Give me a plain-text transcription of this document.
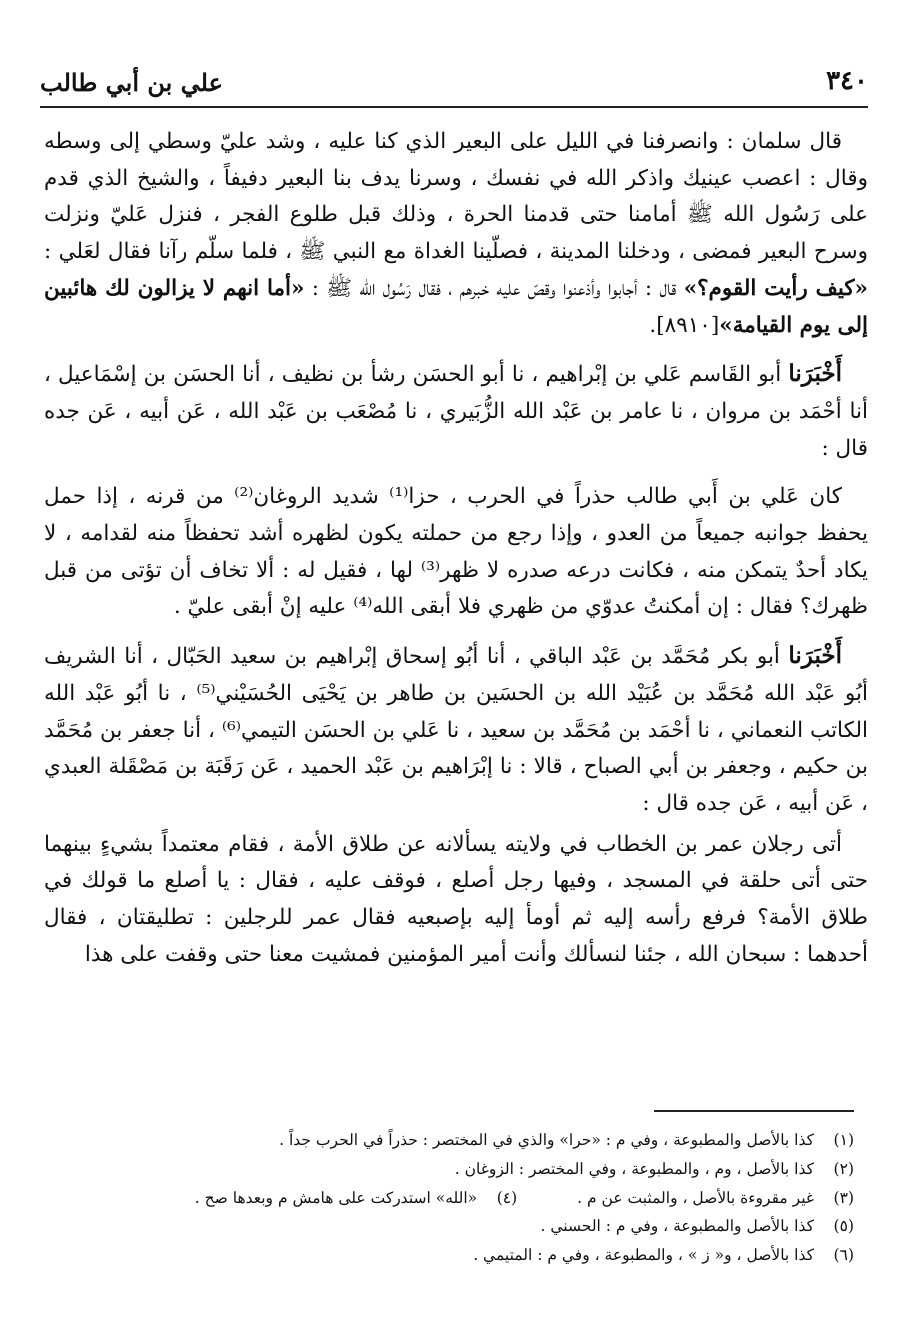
٣٤٠
علي بن أبي طالب

قال سلمان : وانصرفنا في الليل على البعير الذي كنا عليه ، وشد عليّ وسطي إلى وسطه وقال : اعصب عينيك واذكر الله في نفسك ، وسرنا يدف بنا البعير دفيفاً ، والشيخ الذي قدم على رَسُول الله ﷺ أمامنا حتى قدمنا الحرة ، وذلك قبل طلوع الفجر ، فنزل عَليّ ونزلت وسرح البعير فمضى ، ودخلنا المدينة ، فصلّينا الغداة مع النبي ﷺ ، فلما سلّم رآنا فقال لعَلي : «كيف رأيت القوم؟» قال : أجابوا وأذعنوا وقصّ عليه خبرهم ، فقال رَسُول الله ﷺ : «أما انهم لا يزالون لك هائبين إلى يوم القيامة»[٨٩١٠].

أَخْبَرَنا أبو القَاسم عَلي بن إبْراهيم ، نا أبو الحسَن رشأ بن نظيف ، أنا الحسَن بن إسْمَاعيل ، أنا أحْمَد بن مروان ، نا عامر بن عَبْد الله الزُّبَيري ، نا مُصْعَب بن عَبْد الله ، عَن أبيه ، عَن جده قال :

كان عَلي بن أَبي طالب حذراً في الحرب ، حزا⁽¹⁾ شديد الروغان⁽²⁾ من قرنه ، إذا حمل يحفظ جوانبه جميعاً من العدو ، وإذا رجع من حملته يكون لظهره أشد تحفظاً منه لقدامه ، لا يكاد أحدٌ يتمكن منه ، فكانت درعه صدره لا ظهر⁽³⁾ لها ، فقيل له : ألا تخاف أن تؤتى من قبل ظهرك؟ فقال : إن أمكنتُ عدوّي من ظهري فلا أبقى الله⁽⁴⁾ عليه إنْ أبقى عليّ .

أَخْبَرَنا أبو بكر مُحَمَّد بن عَبْد الباقي ، أنا أبُو إسحاق إبْراهيم بن سعيد الحَبّال ، أنا الشريف أبُو عَبْد الله مُحَمَّد بن عُبَيْد الله بن الحسَين بن طاهر بن يَحْيَى الحُسَيْني⁽⁵⁾ ، نا أبُو عَبْد الله الكاتب النعماني ، نا أحْمَد بن مُحَمَّد بن سعيد ، نا عَلي بن الحسَن التيمي⁽⁶⁾ ، أنا جعفر بن مُحَمَّد بن حكيم ، وجعفر بن أبي الصباح ، قالا : نا إبْرَاهيم بن عَبْد الحميد ، عَن رَقَبَة بن مَصْقَلة العبدي ، عَن أبيه ، عَن جده قال :

أتى رجلان عمر بن الخطاب في ولايته يسألانه عن طلاق الأمة ، فقام معتمداً بشيءٍ بينهما حتى أتى حلقة في المسجد ، وفيها رجل أصلع ، فوقف عليه ، فقال : يا أصلع ما قولك في طلاق الأمة؟ فرفع رأسه إليه ثم أومأ إليه بإصبعيه فقال عمر للرجلين : تطليقتان ، فقال أحدهما : سبحان الله ، جئنا لنسألك وأنت أمير المؤمنين فمشيت معنا حتى وقفت على هذا

(١)كذا بالأصل والمطبوعة ، وفي م : «حرا» والذي في المختصر : حذراً في الحرب جداً .
(٢)كذا بالأصل ، وم ، والمطبوعة ، وفي المختصر : الزوغان .
(٣)غير مقروءة بالأصل ، والمثبت عن م .(٤)«الله» استدركت على هامش م وبعدها صح .
(٥)كذا بالأصل والمطبوعة ، وفي م : الحسني .
(٦)كذا بالأصل ، و« ز » ، والمطبوعة ، وفي م : المتيمي .
